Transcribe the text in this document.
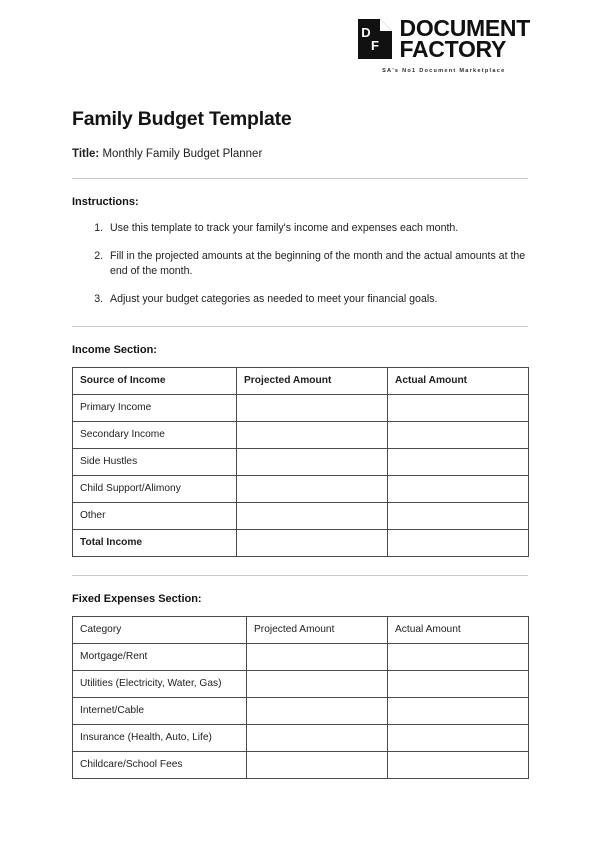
D
F
DOCUMENT
FACTORY
SA's No1 Document Marketplace
Family Budget Template
Title: Monthly Family Budget Planner
Instructions:
1. Use this template to track your family's income and expenses each month.
2. Fill in the projected amounts at the beginning of the month and the actual amounts at the end of the month.
3. Adjust your budget categories as needed to meet your financial goals.
Income Section:
Source of Income	Projected Amount	Actual Amount
Primary Income		
Secondary Income		
Side Hustles		
Child Support/Alimony		
Other		
Total Income		
Fixed Expenses Section:
Category	Projected Amount	Actual Amount
Mortgage/Rent		
Utilities (Electricity, Water, Gas)		
Internet/Cable		
Insurance (Health, Auto, Life)		
Childcare/School Fees		
